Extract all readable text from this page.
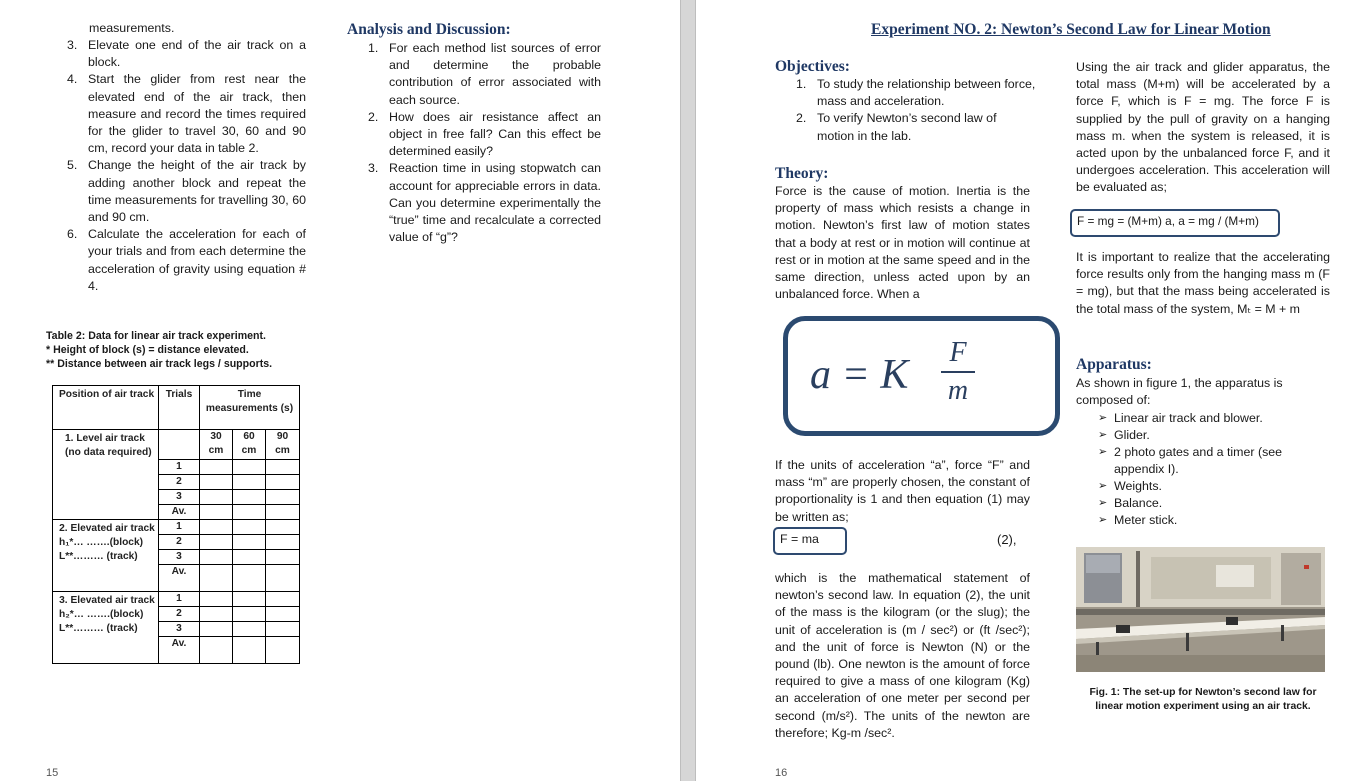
measurements.
3. Elevate one end of the air track on a block.
4. Start the glider from rest near the elevated end of the air track, then measure and record the times required for the glider to travel 30, 60 and 90 cm, record your data in table 2.
5. Change the height of the air track by adding another block and repeat the time measurements for travelling 30, 60 and 90 cm.
6. Calculate the acceleration for each of your trials and from each determine the acceleration of gravity using equation # 4.
Table 2: Data for linear air track experiment.
* Height of block (s) = distance elevated.
** Distance between air track legs / supports.
Position of air track	Trials	Time measurements (s)		
1. Level air track (no data required)		30 cm	60 cm	90 cm
	1			
	2			
	3			
	Av.			

2. Elevated air track
h₁*… …….(block)
L**……… (track)	1			
	2			
	3			
	Av.			

3. Elevated air track
h₂*… …….(block)
L**……… (track)	1			
	2			
	3			
	Av.			
Analysis and Discussion:
1. For each method list sources of error and determine the probable contribution of error associated with each source.
2. How does air resistance affect an object in free fall? Can this effect be determined easily?
3. Reaction time in using stopwatch can account for appreciable errors in data. Can you determine experimentally the “true” time and recalculate a corrected value of “g”?
15
Experiment NO. 2: Newton’s Second Law for Linear Motion
Objectives:
1. To study the relationship between force, mass and acceleration.
2. To verify Newton’s second law of motion in the lab.
Theory:
Force is the cause of motion. Inertia is the property of mass which resists a change in motion. Newton’s first law of motion states that a body at rest or in motion will continue at rest or in motion at the same speed and in the same direction, unless acted upon by an unbalanced force. When a
If the units of acceleration “a”, force “F” and mass “m” are properly chosen, the constant of proportionality is 1 and then equation (1) may be written as;
F = ma	(2),
which is the mathematical statement of newton’s second law. In equation (2), the unit of the mass is the kilogram (or the slug); the unit of acceleration is (m / sec²) or (ft /sec²); and the unit of force is Newton (N) or the pound (lb). One newton is the amount of force required to give a mass of one kilogram (Kg) an acceleration of one meter per second per second (m/s²). The units of the newton are therefore; Kg-m /sec².
Using the air track and glider apparatus, the total mass (M+m) will be accelerated by a force F, which is F = mg. The force F is supplied by the pull of gravity on a hanging mass m. when the system is released, it is acted upon by the unbalanced force F, and it undergoes acceleration. This acceleration will be evaluated as;
F = mg = (M+m) a, a = mg / (M+m)
It is important to realize that the accelerating force results only from the hanging mass m (F = mg), but that the mass being accelerated is the total mass of the system, Mₜ = M + m
Apparatus:
As shown in figure 1, the apparatus is composed of:
➢ Linear air track and blower.
➢ Glider.
➢ 2 photo gates and a timer (see appendix I).
➢ Weights.
➢ Balance.
➢ Meter stick.
Fig. 1: The set-up for Newton’s second law for linear motion experiment using an air track.
16
a = K	F
m
